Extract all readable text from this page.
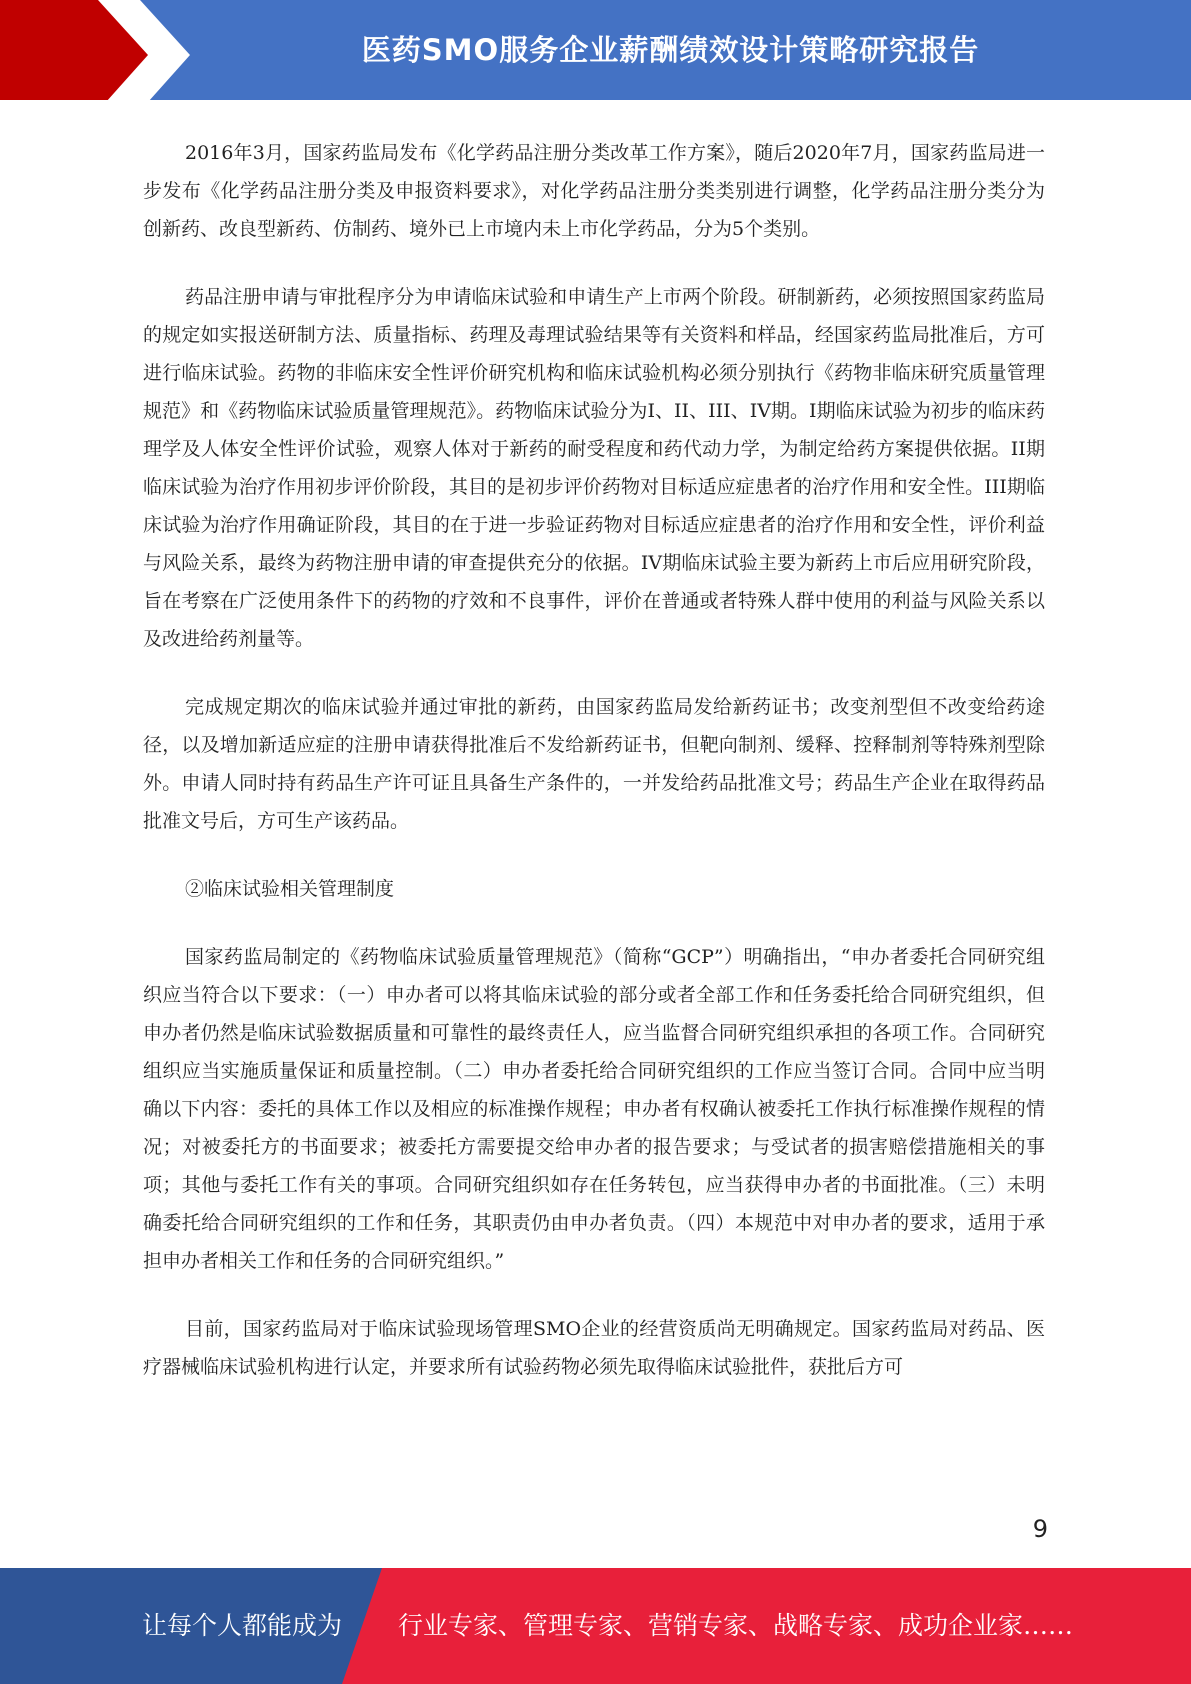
医药SMO服务企业薪酬绩效设计策略研究报告

2016年3月，国家药监局发布《化学药品注册分类改革工作方案》，随后2020年7月，国家药监局进一步发布《化学药品注册分类及申报资料要求》，对化学药品注册分类类别进行调整，化学药品注册分类分为创新药、改良型新药、仿制药、境外已上市境内未上市化学药品，分为5个类别。

药品注册申请与审批程序分为申请临床试验和申请生产上市两个阶段。研制新药，必须按照国家药监局的规定如实报送研制方法、质量指标、药理及毒理试验结果等有关资料和样品，经国家药监局批准后，方可进行临床试验。药物的非临床安全性评价研究机构和临床试验机构必须分别执行《药物非临床研究质量管理规范》和《药物临床试验质量管理规范》。药物临床试验分为I、II、III、IV期。I期临床试验为初步的临床药理学及人体安全性评价试验，观察人体对于新药的耐受程度和药代动力学，为制定给药方案提供依据。II期临床试验为治疗作用初步评价阶段，其目的是初步评价药物对目标适应症患者的治疗作用和安全性。III期临床试验为治疗作用确证阶段，其目的在于进一步验证药物对目标适应症患者的治疗作用和安全性，评价利益与风险关系，最终为药物注册申请的审查提供充分的依据。IV期临床试验主要为新药上市后应用研究阶段，旨在考察在广泛使用条件下的药物的疗效和不良事件，评价在普通或者特殊人群中使用的利益与风险关系以及改进给药剂量等。

完成规定期次的临床试验并通过审批的新药，由国家药监局发给新药证书；改变剂型但不改变给药途径，以及增加新适应症的注册申请获得批准后不发给新药证书，但靶向制剂、缓释、控释制剂等特殊剂型除外。申请人同时持有药品生产许可证且具备生产条件的，一并发给药品批准文号；药品生产企业在取得药品批准文号后，方可生产该药品。

②临床试验相关管理制度

国家药监局制定的《药物临床试验质量管理规范》（简称“GCP”）明确指出，“申办者委托合同研究组织应当符合以下要求：（一）申办者可以将其临床试验的部分或者全部工作和任务委托给合同研究组织，但申办者仍然是临床试验数据质量和可靠性的最终责任人，应当监督合同研究组织承担的各项工作。合同研究组织应当实施质量保证和质量控制。（二）申办者委托给合同研究组织的工作应当签订合同。合同中应当明确以下内容：委托的具体工作以及相应的标准操作规程；申办者有权确认被委托工作执行标准操作规程的情况；对被委托方的书面要求；被委托方需要提交给申办者的报告要求；与受试者的损害赔偿措施相关的事项；其他与委托工作有关的事项。合同研究组织如存在任务转包，应当获得申办者的书面批准。（三）未明确委托给合同研究组织的工作和任务，其职责仍由申办者负责。（四）本规范中对申办者的要求，适用于承担申办者相关工作和任务的合同研究组织。”

目前，国家药监局对于临床试验现场管理SMO企业的经营资质尚无明确规定。国家药监局对药品、医疗器械临床试验机构进行认定，并要求所有试验药物必须先取得临床试验批件，获批后方可

9
让每个人都能成为 行业专家、管理专家、营销专家、战略专家、成功企业家……
